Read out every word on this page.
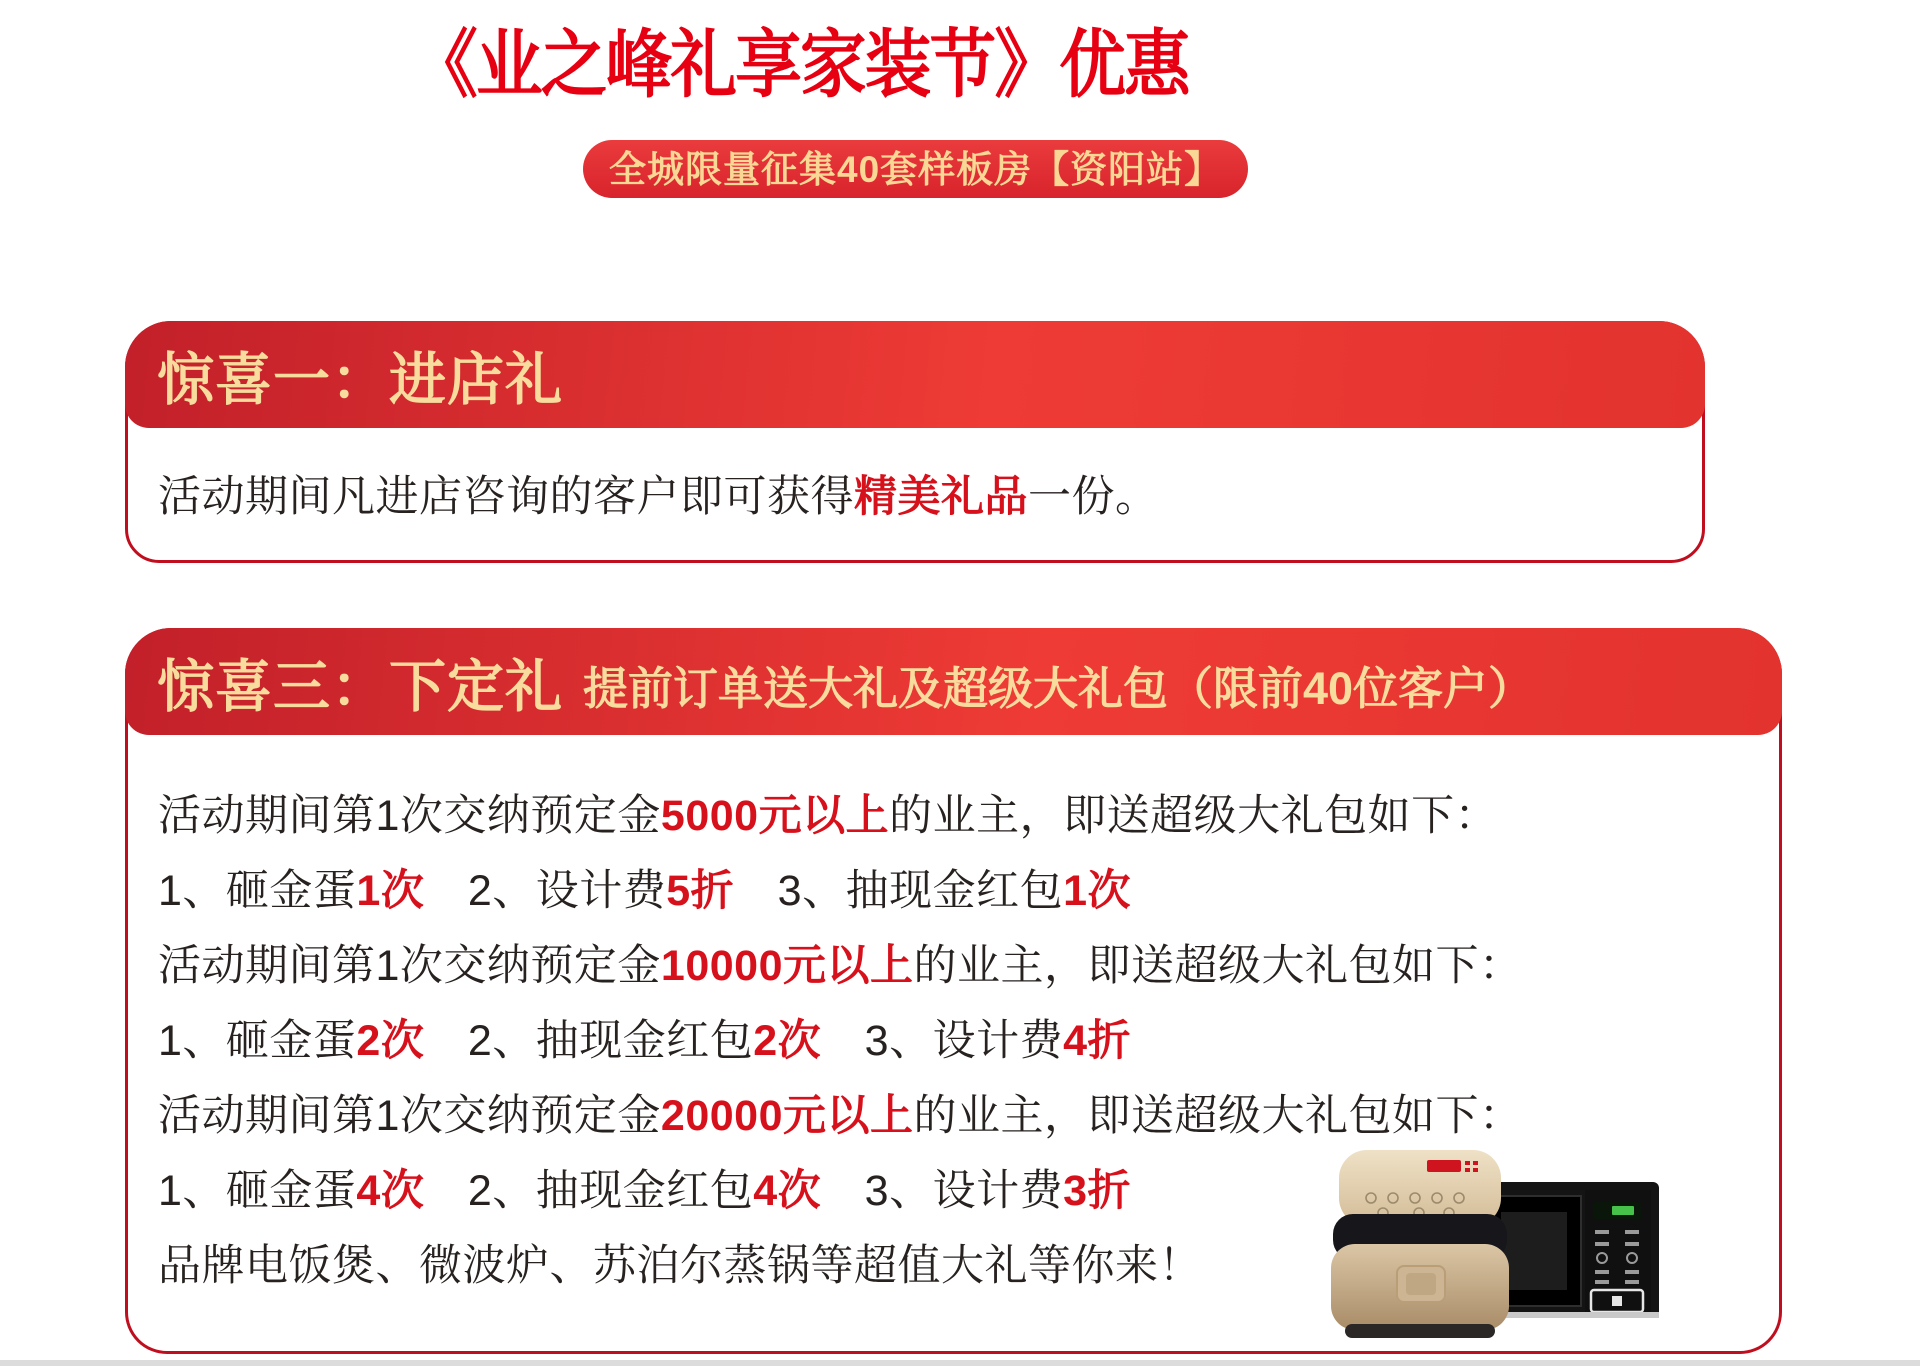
《业之峰礼享家装节》优惠
全城限量征集40套样板房【资阳站】
惊喜一：进店礼

活动期间凡进店咨询的客户即可获得精美礼品一份。

惊喜三：下定礼 提前订单送大礼及超级大礼包（限前40位客户）

活动期间第1次交纳预定金5000元以上的业主，即送超级大礼包如下：

1、砸金蛋1次　2、设计费5折　3、抽现金红包1次

活动期间第1次交纳预定金10000元以上的业主，即送超级大礼包如下：

1、砸金蛋2次　2、抽现金红包2次　3、设计费4折

活动期间第1次交纳预定金20000元以上的业主，即送超级大礼包如下：

1、砸金蛋4次　2、抽现金红包4次　3、设计费3折

品牌电饭煲、微波炉、苏泊尔蒸锅等超值大礼等你来！
